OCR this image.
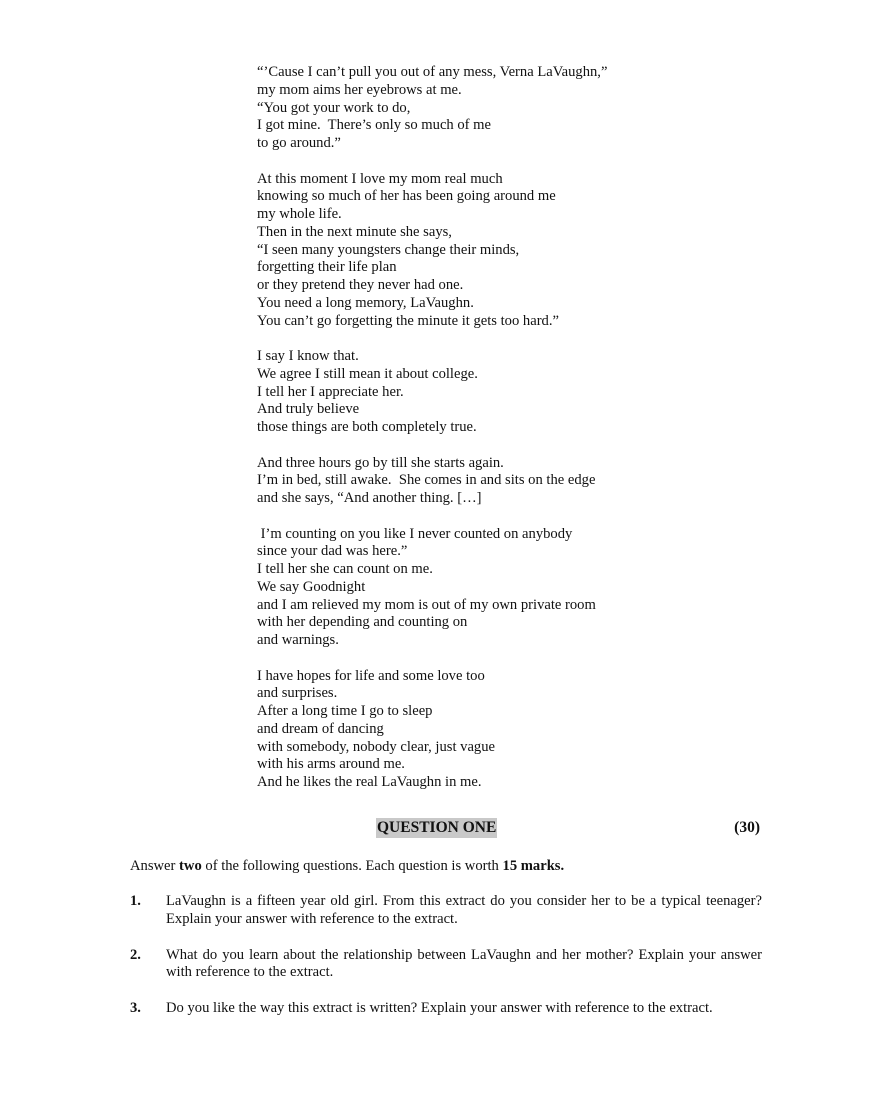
“’Cause I can’t pull you out of any mess, Verna LaVaughn,”
my mom aims her eyebrows at me.
“You got your work to do,
I got mine.  There’s only so much of me
to go around.”
At this moment I love my mom real much
knowing so much of her has been going around me
my whole life.
Then in the next minute she says,
“I seen many youngsters change their minds,
forgetting their life plan
or they pretend they never had one.
You need a long memory, LaVaughn.
You can’t go forgetting the minute it gets too hard.”
I say I know that.
We agree I still mean it about college.
I tell her I appreciate her.
And truly believe
those things are both completely true.
And three hours go by till she starts again.
I’m in bed, still awake.  She comes in and sits on the edge
and she says, “And another thing. […]
I’m counting on you like I never counted on anybody
since your dad was here.”
I tell her she can count on me.
We say Goodnight
and I am relieved my mom is out of my own private room
with her depending and counting on
and warnings.
I have hopes for life and some love too
and surprises.
After a long time I go to sleep
and dream of dancing
with somebody, nobody clear, just vague
with his arms around me.
And he likes the real LaVaughn in me.
QUESTION ONE	(30)
Answer two of the following questions. Each question is worth 15 marks.
1. LaVaughn is a fifteen year old girl. From this extract do you consider her to be a typical teenager? Explain your answer with reference to the extract.
2. What do you learn about the relationship between LaVaughn and her mother? Explain your answer with reference to the extract.
3. Do you like the way this extract is written? Explain your answer with reference to the extract.
